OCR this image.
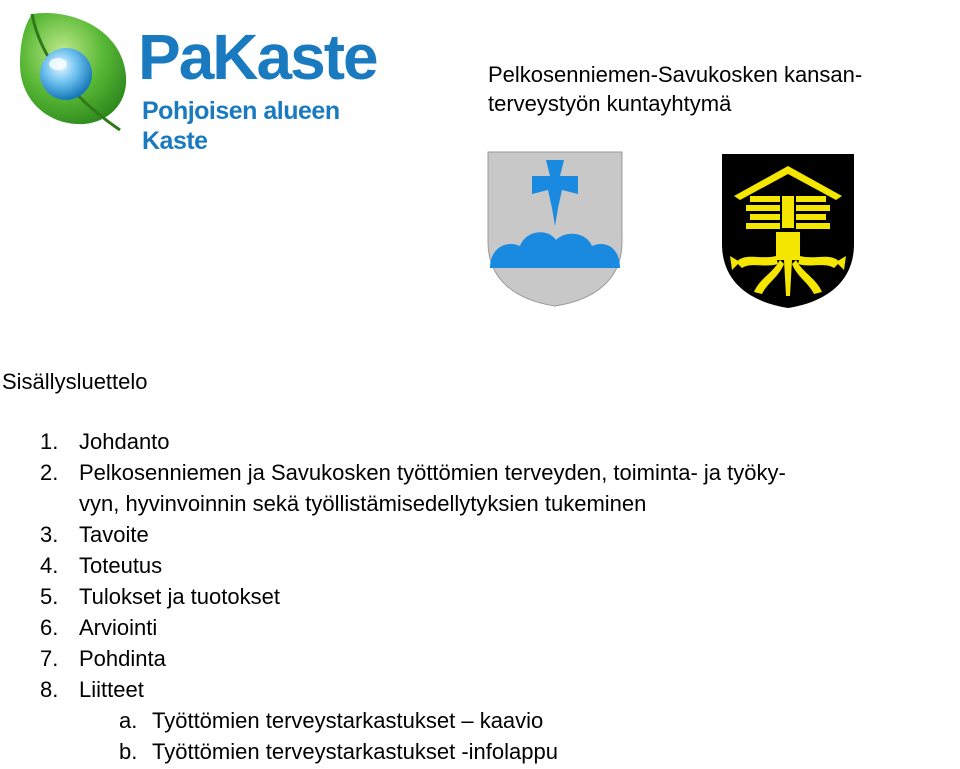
PaKaste
Pohjoisen alueen Kaste
Pelkosenniemen-Savukosken kansan-
terveystyön kuntayhtymä
Sisällysluettelo
1. Johdanto
2. Pelkosenniemen ja Savukosken työttömien terveyden, toiminta- ja työky-
vyn, hyvinvoinnin sekä työllistämisedellytyksien tukeminen
3. Tavoite
4. Toteutus
5. Tulokset ja tuotokset
6. Arviointi
7. Pohdinta
8. Liitteet
a. Työttömien terveystarkastukset – kaavio
b. Työttömien terveystarkastukset -infolappu
